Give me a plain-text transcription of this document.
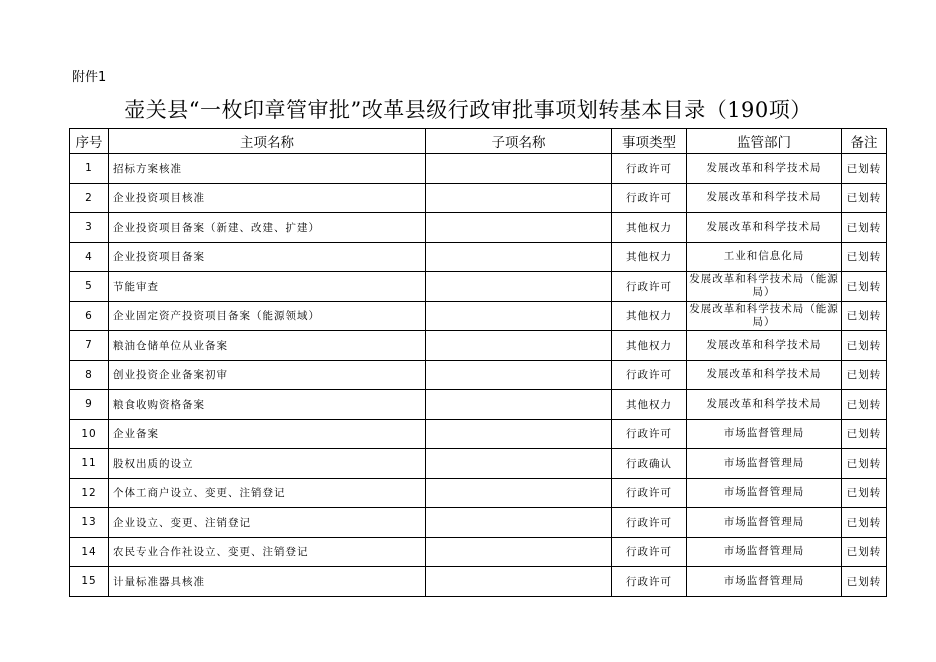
附件1
壶关县“一枚印章管审批”改革县级行政审批事项划转基本目录（190项）
序号	主项名称	子项名称	事项类型	监管部门	备注
1	招标方案核准		行政许可	发展改革和科学技术局	已划转
2	企业投资项目核准		行政许可	发展改革和科学技术局	已划转
3	企业投资项目备案（新建、改建、扩建）		其他权力	发展改革和科学技术局	已划转
4	企业投资项目备案		其他权力	工业和信息化局	已划转
5	节能审查		行政许可	发展改革和科学技术局（能源局）	已划转
6	企业固定资产投资项目备案（能源领域）		其他权力	发展改革和科学技术局（能源局）	已划转
7	粮油仓储单位从业备案		其他权力	发展改革和科学技术局	已划转
8	创业投资企业备案初审		行政许可	发展改革和科学技术局	已划转
9	粮食收购资格备案		其他权力	发展改革和科学技术局	已划转
10	企业备案		行政许可	市场监督管理局	已划转
11	股权出质的设立		行政确认	市场监督管理局	已划转
12	个体工商户设立、变更、注销登记		行政许可	市场监督管理局	已划转
13	企业设立、变更、注销登记		行政许可	市场监督管理局	已划转
14	农民专业合作社设立、变更、注销登记		行政许可	市场监督管理局	已划转
15	计量标准器具核准		行政许可	市场监督管理局	已划转
